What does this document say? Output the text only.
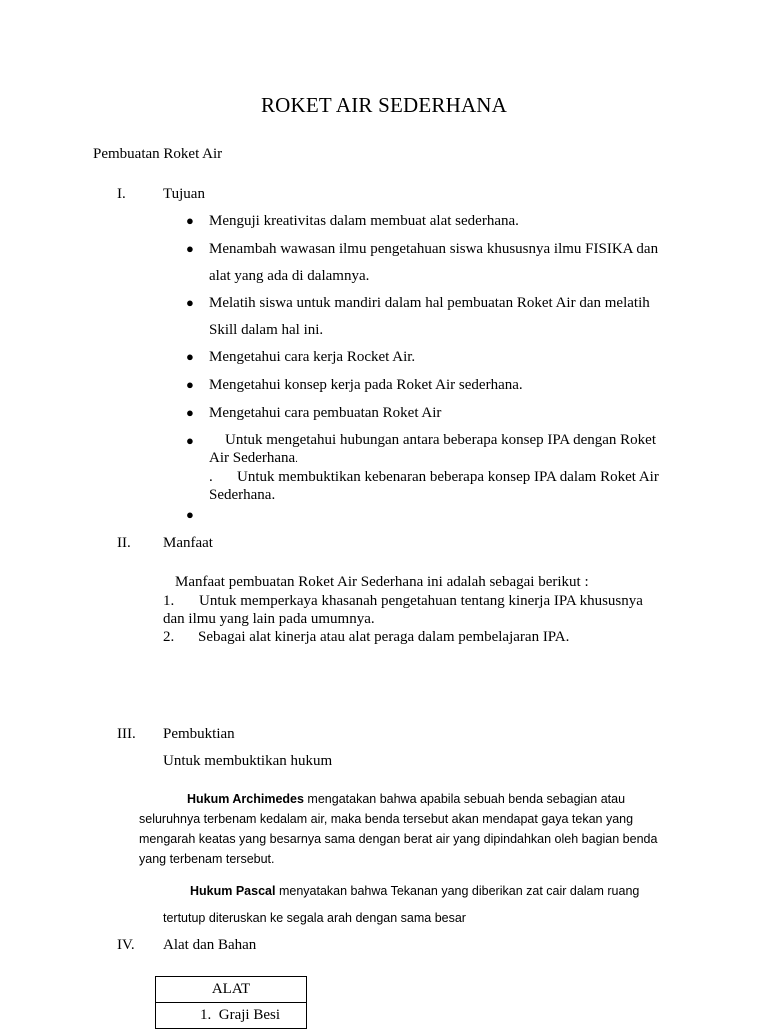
ROKET AIR SEDERHANA
Pembuatan Roket Air
I. Tujuan
● Menguji kreativitas dalam membuat alat sederhana.
● Menambah wawasan ilmu pengetahuan siswa khususnya ilmu FISIKA dan
alat yang ada di dalamnya.
● Melatih siswa untuk mandiri dalam hal pembuatan Roket Air dan melatih
Skill dalam hal ini.
● Mengetahui cara kerja Rocket Air.
● Mengetahui konsep kerja pada Roket Air sederhana.
● Mengetahui cara pembuatan Roket Air
● Untuk mengetahui hubungan antara beberapa konsep IPA dengan Roket
Air Sederhana.
. Untuk membuktikan kebenaran beberapa konsep IPA dalam Roket Air
Sederhana.
●
II. Manfaat
Manfaat pembuatan Roket Air Sederhana ini adalah sebagai berikut :
1. Untuk memperkaya khasanah pengetahuan tentang kinerja IPA khususnya
dan ilmu yang lain pada umumnya.
2. Sebagai alat kinerja atau alat peraga dalam pembelajaran IPA.
III. Pembuktian
Untuk membuktikan hukum
Hukum Archimedes mengatakan bahwa apabila sebuah benda sebagian atau
seluruhnya terbenam kedalam air, maka benda tersebut akan mendapat gaya tekan yang
mengarah keatas yang besarnya sama dengan berat air yang dipindahkan oleh bagian benda
yang terbenam tersebut.
Hukum Pascal menyatakan bahwa Tekanan yang diberikan zat cair dalam ruang
tertutup diteruskan ke segala arah dengan sama besar
IV. Alat dan Bahan
ALAT
1. Graji Besi
